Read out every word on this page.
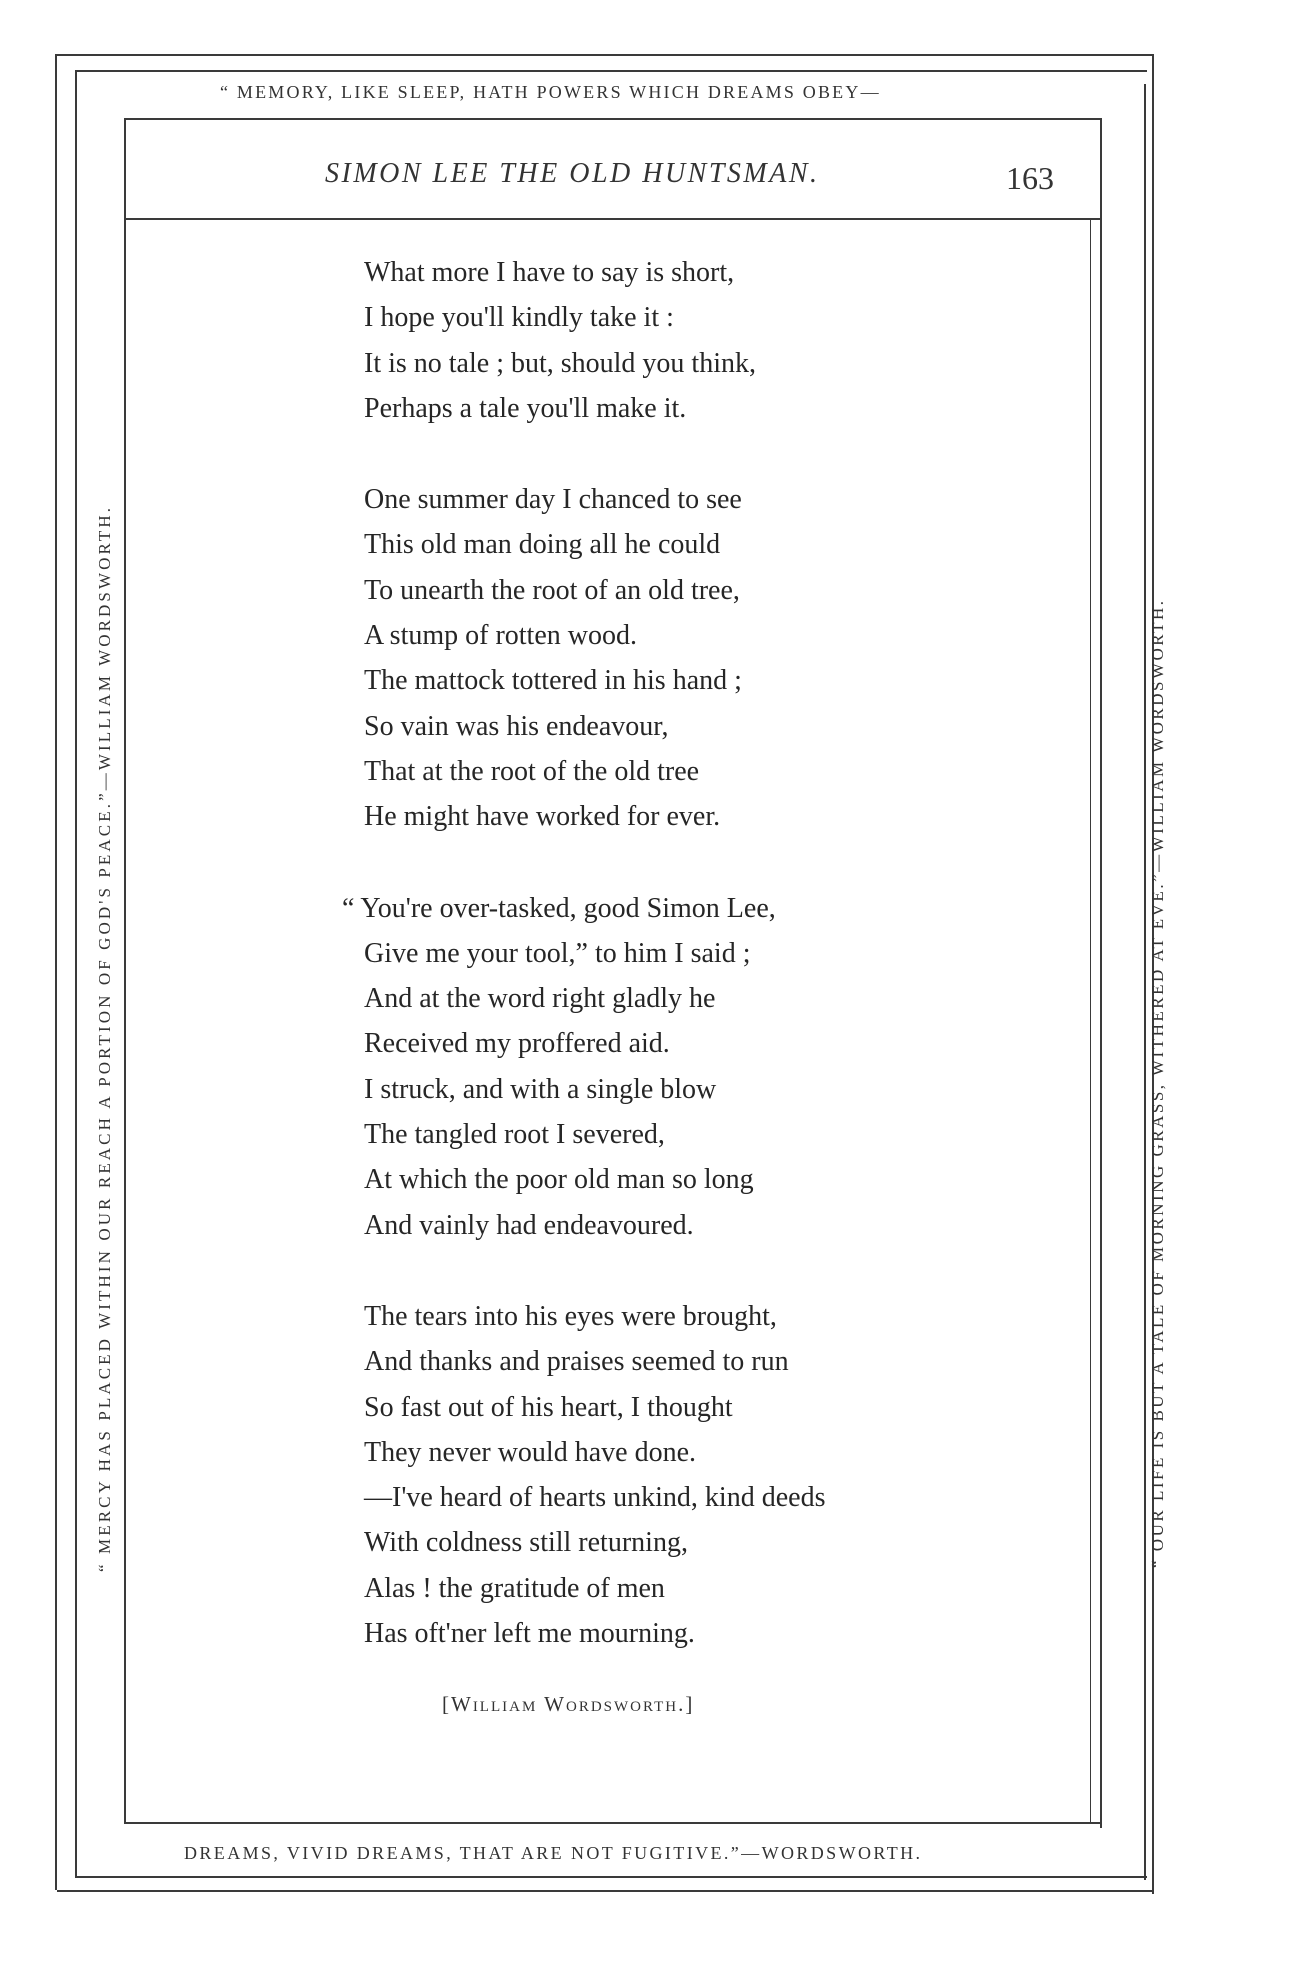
“ MEMORY, LIKE SLEEP, HATH POWERS WHICH DREAMS OBEY—
DREAMS, VIVID DREAMS, THAT ARE NOT FUGITIVE.”—WORDSWORTH.
“ MERCY HAS PLACED WITHIN OUR REACH A PORTION OF GOD'S PEACE.”—WILLIAM WORDSWORTH.	“ OUR LIFE IS BUT A TALE OF MORNING GRASS, WITHERED AT EVE.”—WILLIAM WORDSWORTH.
SIMON LEE THE OLD HUNTSMAN.	163
What more I have to say is short,
I hope you'll kindly take it :
It is no tale ; but, should you think,
Perhaps a tale you'll make it.
One summer day I chanced to see
This old man doing all he could
To unearth the root of an old tree,
A stump of rotten wood.
The mattock tottered in his hand ;
So vain was his endeavour,
That at the root of the old tree
He might have worked for ever.
“ You're over-tasked, good Simon Lee,
Give me your tool,” to him I said ;
And at the word right gladly he
Received my proffered aid.
I struck, and with a single blow
The tangled root I severed,
At which the poor old man so long
And vainly had endeavoured.
The tears into his eyes were brought,
And thanks and praises seemed to run
So fast out of his heart, I thought
They never would have done.
—I've heard of hearts unkind, kind deeds
With coldness still returning,
Alas ! the gratitude of men
Has oft'ner left me mourning.
[William Wordsworth.]
